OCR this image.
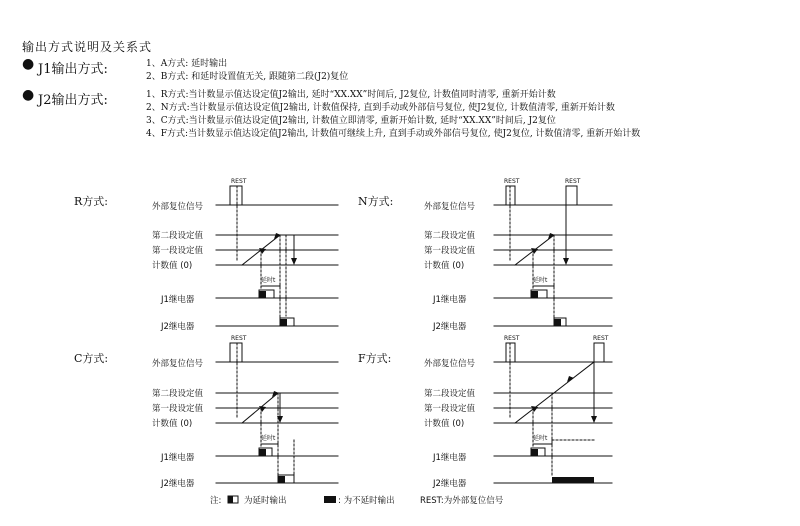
输出方式说明及关系式
● J1输出方式:	1、A方式: 延时输出
2、B方式: 和延时设置值无关, 跟随第二段(J2)复位
● J2输出方式:	1、R方式:当计数显示值达设定值J2输出, 延时“XX.XX”时间后, J2复位, 计数值同时清零, 重新开始计数
2、N方式:当计数显示值达设定值J2输出, 计数值保持, 直到手动或外部信号复位, 使J2复位, 计数值清零, 重新开始计数
3、C方式:当计数显示值达设定值J2输出, 计数值立即清零, 重新开始计数, 延时“XX.XX”时间后, J2复位
4、F方式:当计数显示值达设定值J2输出, 计数值可继续上升, 直到手动或外部信号复位, 使J2复位, 计数值清零, 重新开始计数
R方式:	外部复位信号
第二段设定值
第一段设定值
计数值 (0)
J1继电器
J2继电器
延时t
REST
N方式:	外部复位信号
第二段设定值
第一段设定值
计数值 (0)
J1继电器
J2继电器
延时t
REST	REST
C方式:	外部复位信号
第二段设定值
第一段设定值
计数值 (0)
J1继电器
J2继电器
延时t
REST
F方式:	外部复位信号
第二段设定值
第一段设定值
计数值 (0)
J1继电器
J2继电器
延时t
REST	REST
注:	为延时输出	: 为不延时输出	REST:为外部复位信号
